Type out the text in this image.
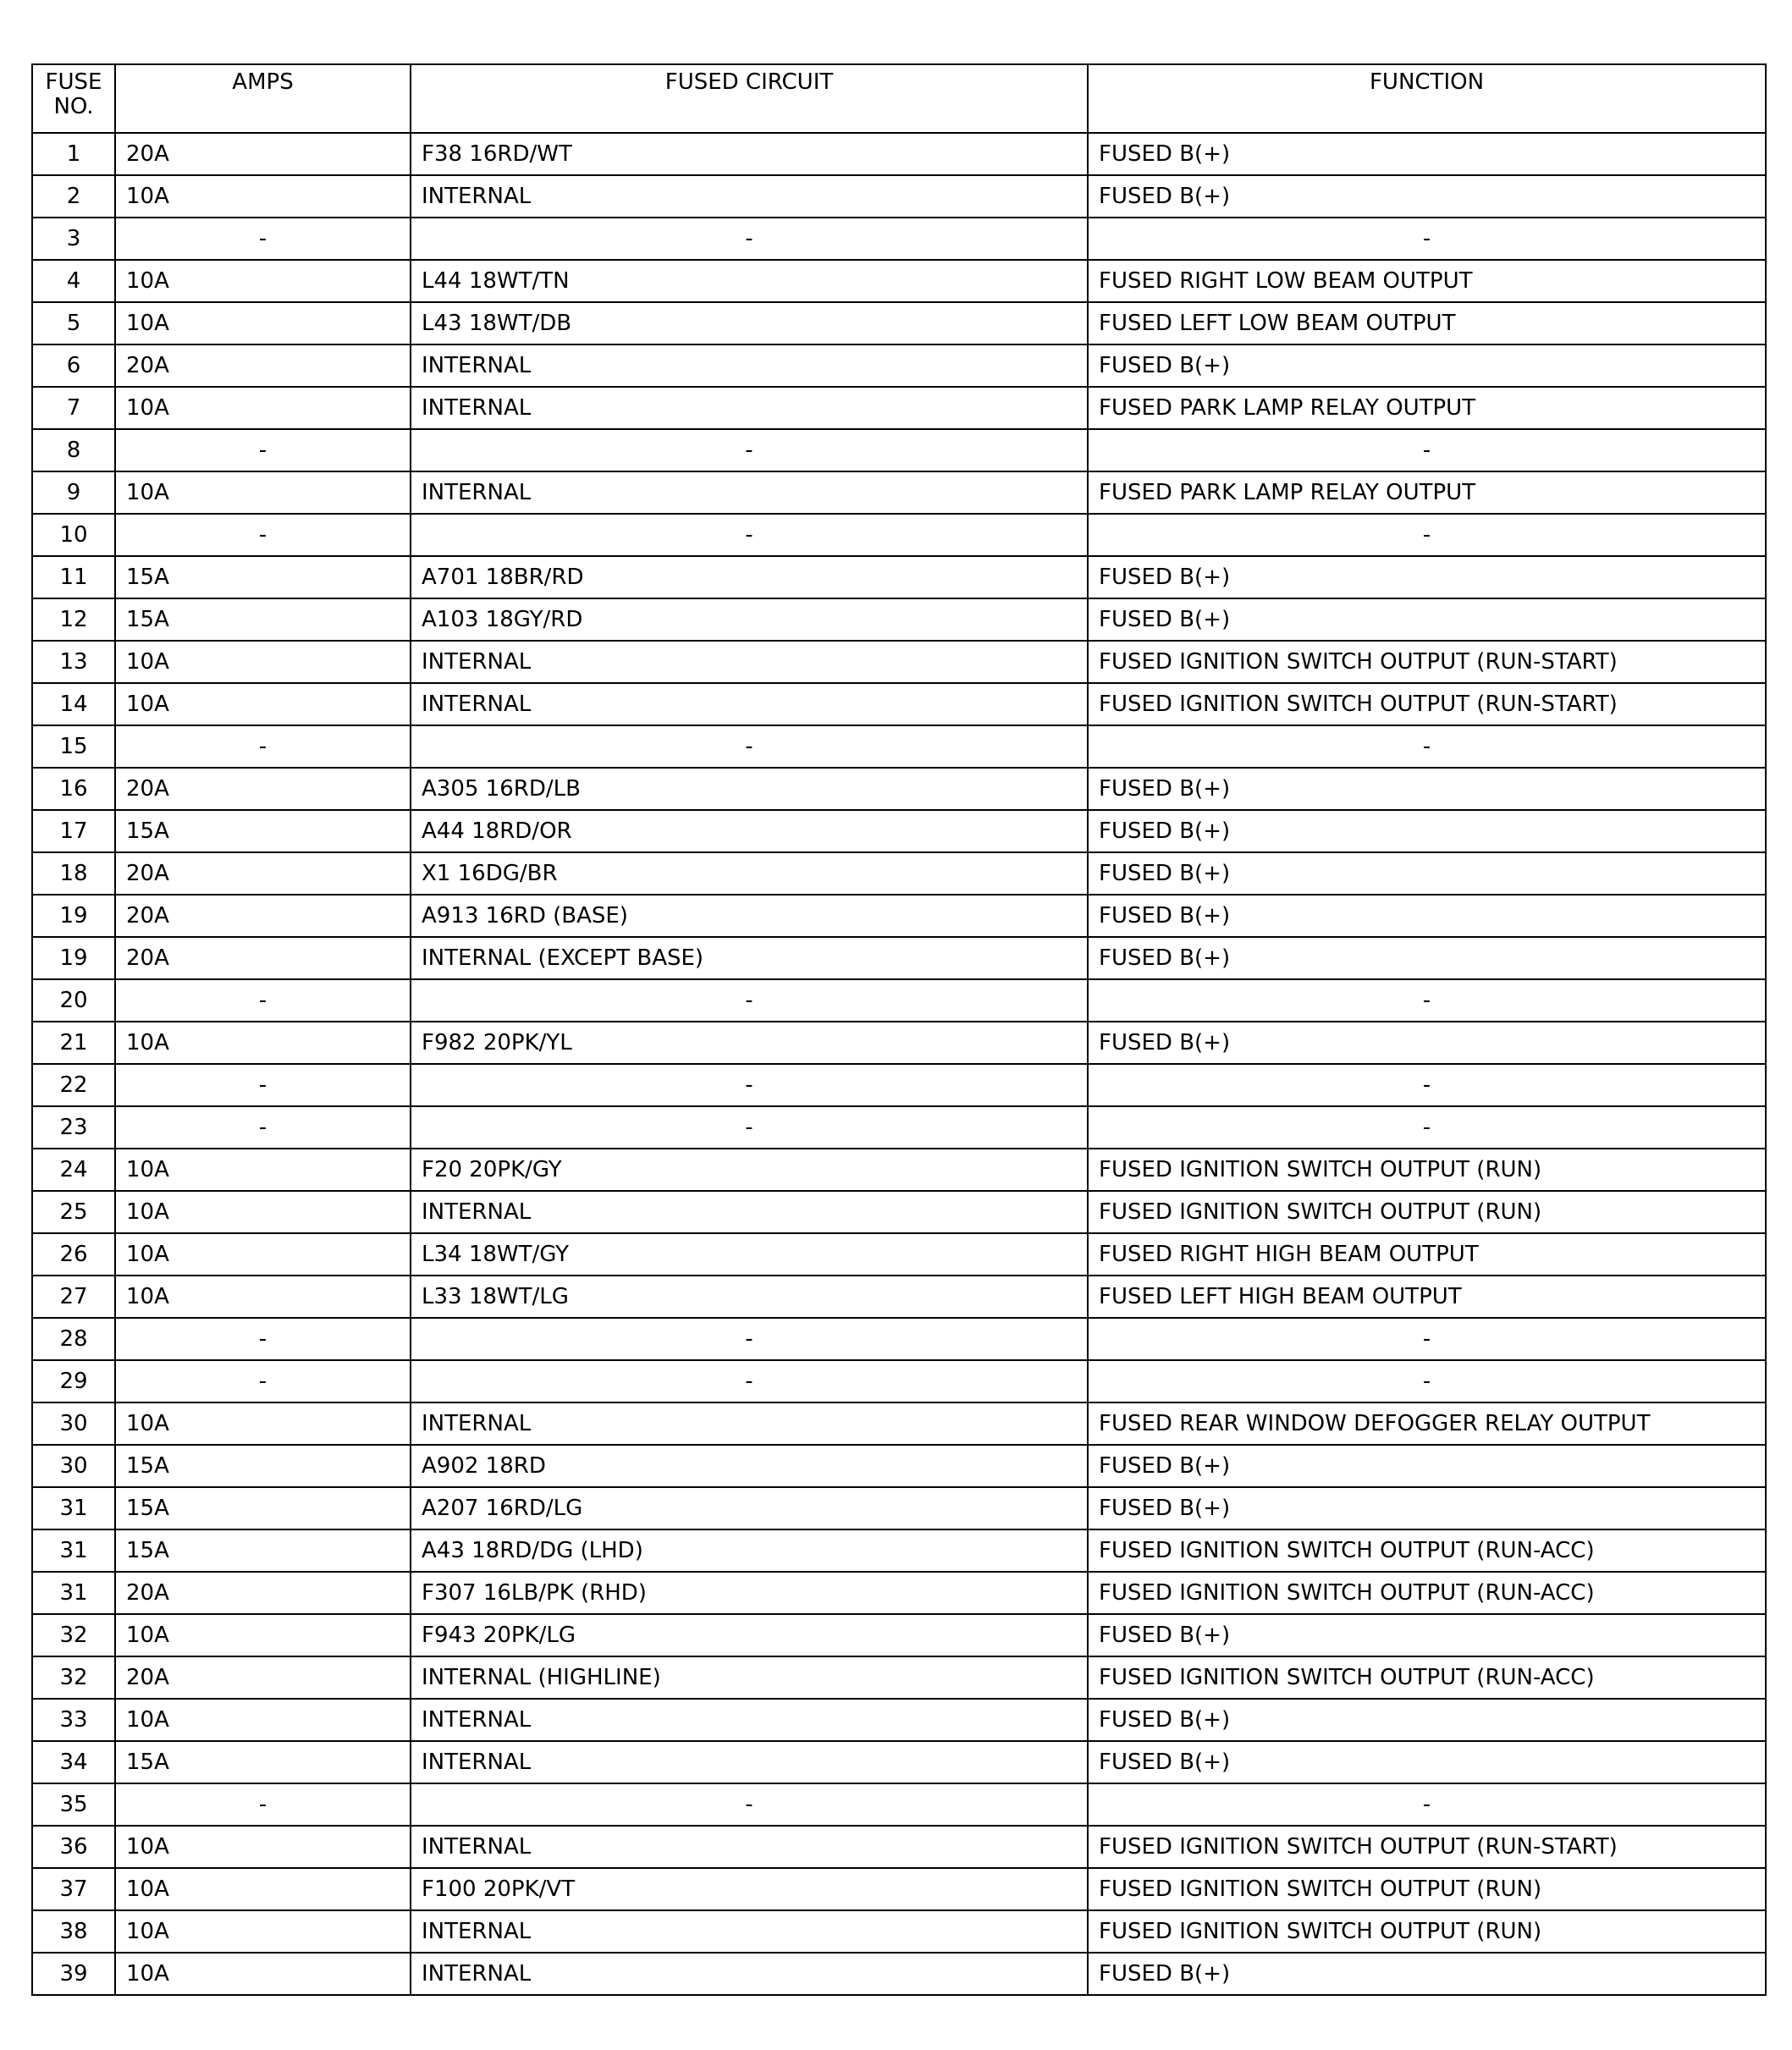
FUSE NO.	AMPS	FUSED CIRCUIT	FUNCTION
1	20A	F38 16RD/WT	FUSED B(+)
2	10A	INTERNAL	FUSED B(+)
3	-	-	-
4	10A	L44 18WT/TN	FUSED RIGHT LOW BEAM OUTPUT
5	10A	L43 18WT/DB	FUSED LEFT LOW BEAM OUTPUT
6	20A	INTERNAL	FUSED B(+)
7	10A	INTERNAL	FUSED PARK LAMP RELAY OUTPUT
8	-	-	-
9	10A	INTERNAL	FUSED PARK LAMP RELAY OUTPUT
10	-	-	-
11	15A	A701 18BR/RD	FUSED B(+)
12	15A	A103 18GY/RD	FUSED B(+)
13	10A	INTERNAL	FUSED IGNITION SWITCH OUTPUT (RUN-START)
14	10A	INTERNAL	FUSED IGNITION SWITCH OUTPUT (RUN-START)
15	-	-	-
16	20A	A305 16RD/LB	FUSED B(+)
17	15A	A44 18RD/OR	FUSED B(+)
18	20A	X1 16DG/BR	FUSED B(+)
19	20A	A913 16RD (BASE)	FUSED B(+)
19	20A	INTERNAL (EXCEPT BASE)	FUSED B(+)
20	-	-	-
21	10A	F982 20PK/YL	FUSED B(+)
22	-	-	-
23	-	-	-
24	10A	F20 20PK/GY	FUSED IGNITION SWITCH OUTPUT (RUN)
25	10A	INTERNAL	FUSED IGNITION SWITCH OUTPUT (RUN)
26	10A	L34 18WT/GY	FUSED RIGHT HIGH BEAM OUTPUT
27	10A	L33 18WT/LG	FUSED LEFT HIGH BEAM OUTPUT
28	-	-	-
29	-	-	-
30	10A	INTERNAL	FUSED REAR WINDOW DEFOGGER RELAY OUTPUT
30	15A	A902 18RD	FUSED B(+)
31	15A	A207 16RD/LG	FUSED B(+)
31	15A	A43 18RD/DG (LHD)	FUSED IGNITION SWITCH OUTPUT (RUN-ACC)
31	20A	F307 16LB/PK (RHD)	FUSED IGNITION SWITCH OUTPUT (RUN-ACC)
32	10A	F943 20PK/LG	FUSED B(+)
32	20A	INTERNAL (HIGHLINE)	FUSED IGNITION SWITCH OUTPUT (RUN-ACC)
33	10A	INTERNAL	FUSED B(+)
34	15A	INTERNAL	FUSED B(+)
35	-	-	-
36	10A	INTERNAL	FUSED IGNITION SWITCH OUTPUT (RUN-START)
37	10A	F100 20PK/VT	FUSED IGNITION SWITCH OUTPUT (RUN)
38	10A	INTERNAL	FUSED IGNITION SWITCH OUTPUT (RUN)
39	10A	INTERNAL	FUSED B(+)
